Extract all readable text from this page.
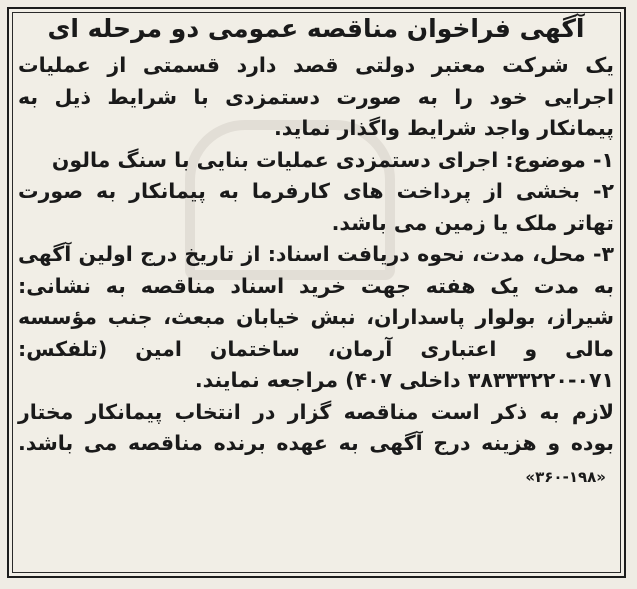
آگهی فراخوان مناقصه عمومی دو مرحله ای

یک شرکت معتبر دولتی قصد دارد قسمتی از عملیات اجرایی خود را به صورت دستمزدی با شرایط ذیل به پیمانکار واجد شرایط واگذار نماید.

۱- موضوع: اجرای دستمزدی عملیات بنایی با سنگ مالون

۲- بخشی از پرداخت های کارفرما به پیمانکار به صورت تهاتر ملک یا زمین می باشد.

۳- محل، مدت، نحوه دریافت اسناد: از تاریخ درج اولین آگهی به مدت یک هفته جهت خرید اسناد مناقصه به نشانی: شیراز، بولوار پاسداران، نبش خیابان مبعث، جنب مؤسسه مالی و اعتباری آرمان، ساختمان امین (تلفکس: ۰۷۱-۳۸۳۳۳۲۲۰ داخلی ۴۰۷) مراجعه نمایند.

لازم به ذکر است مناقصه گزار در انتخاب پیمانکار مختار بوده و هزینه درج آگهی به عهده برنده مناقصه می باشد. «۱۹۸-۳۶۰»
